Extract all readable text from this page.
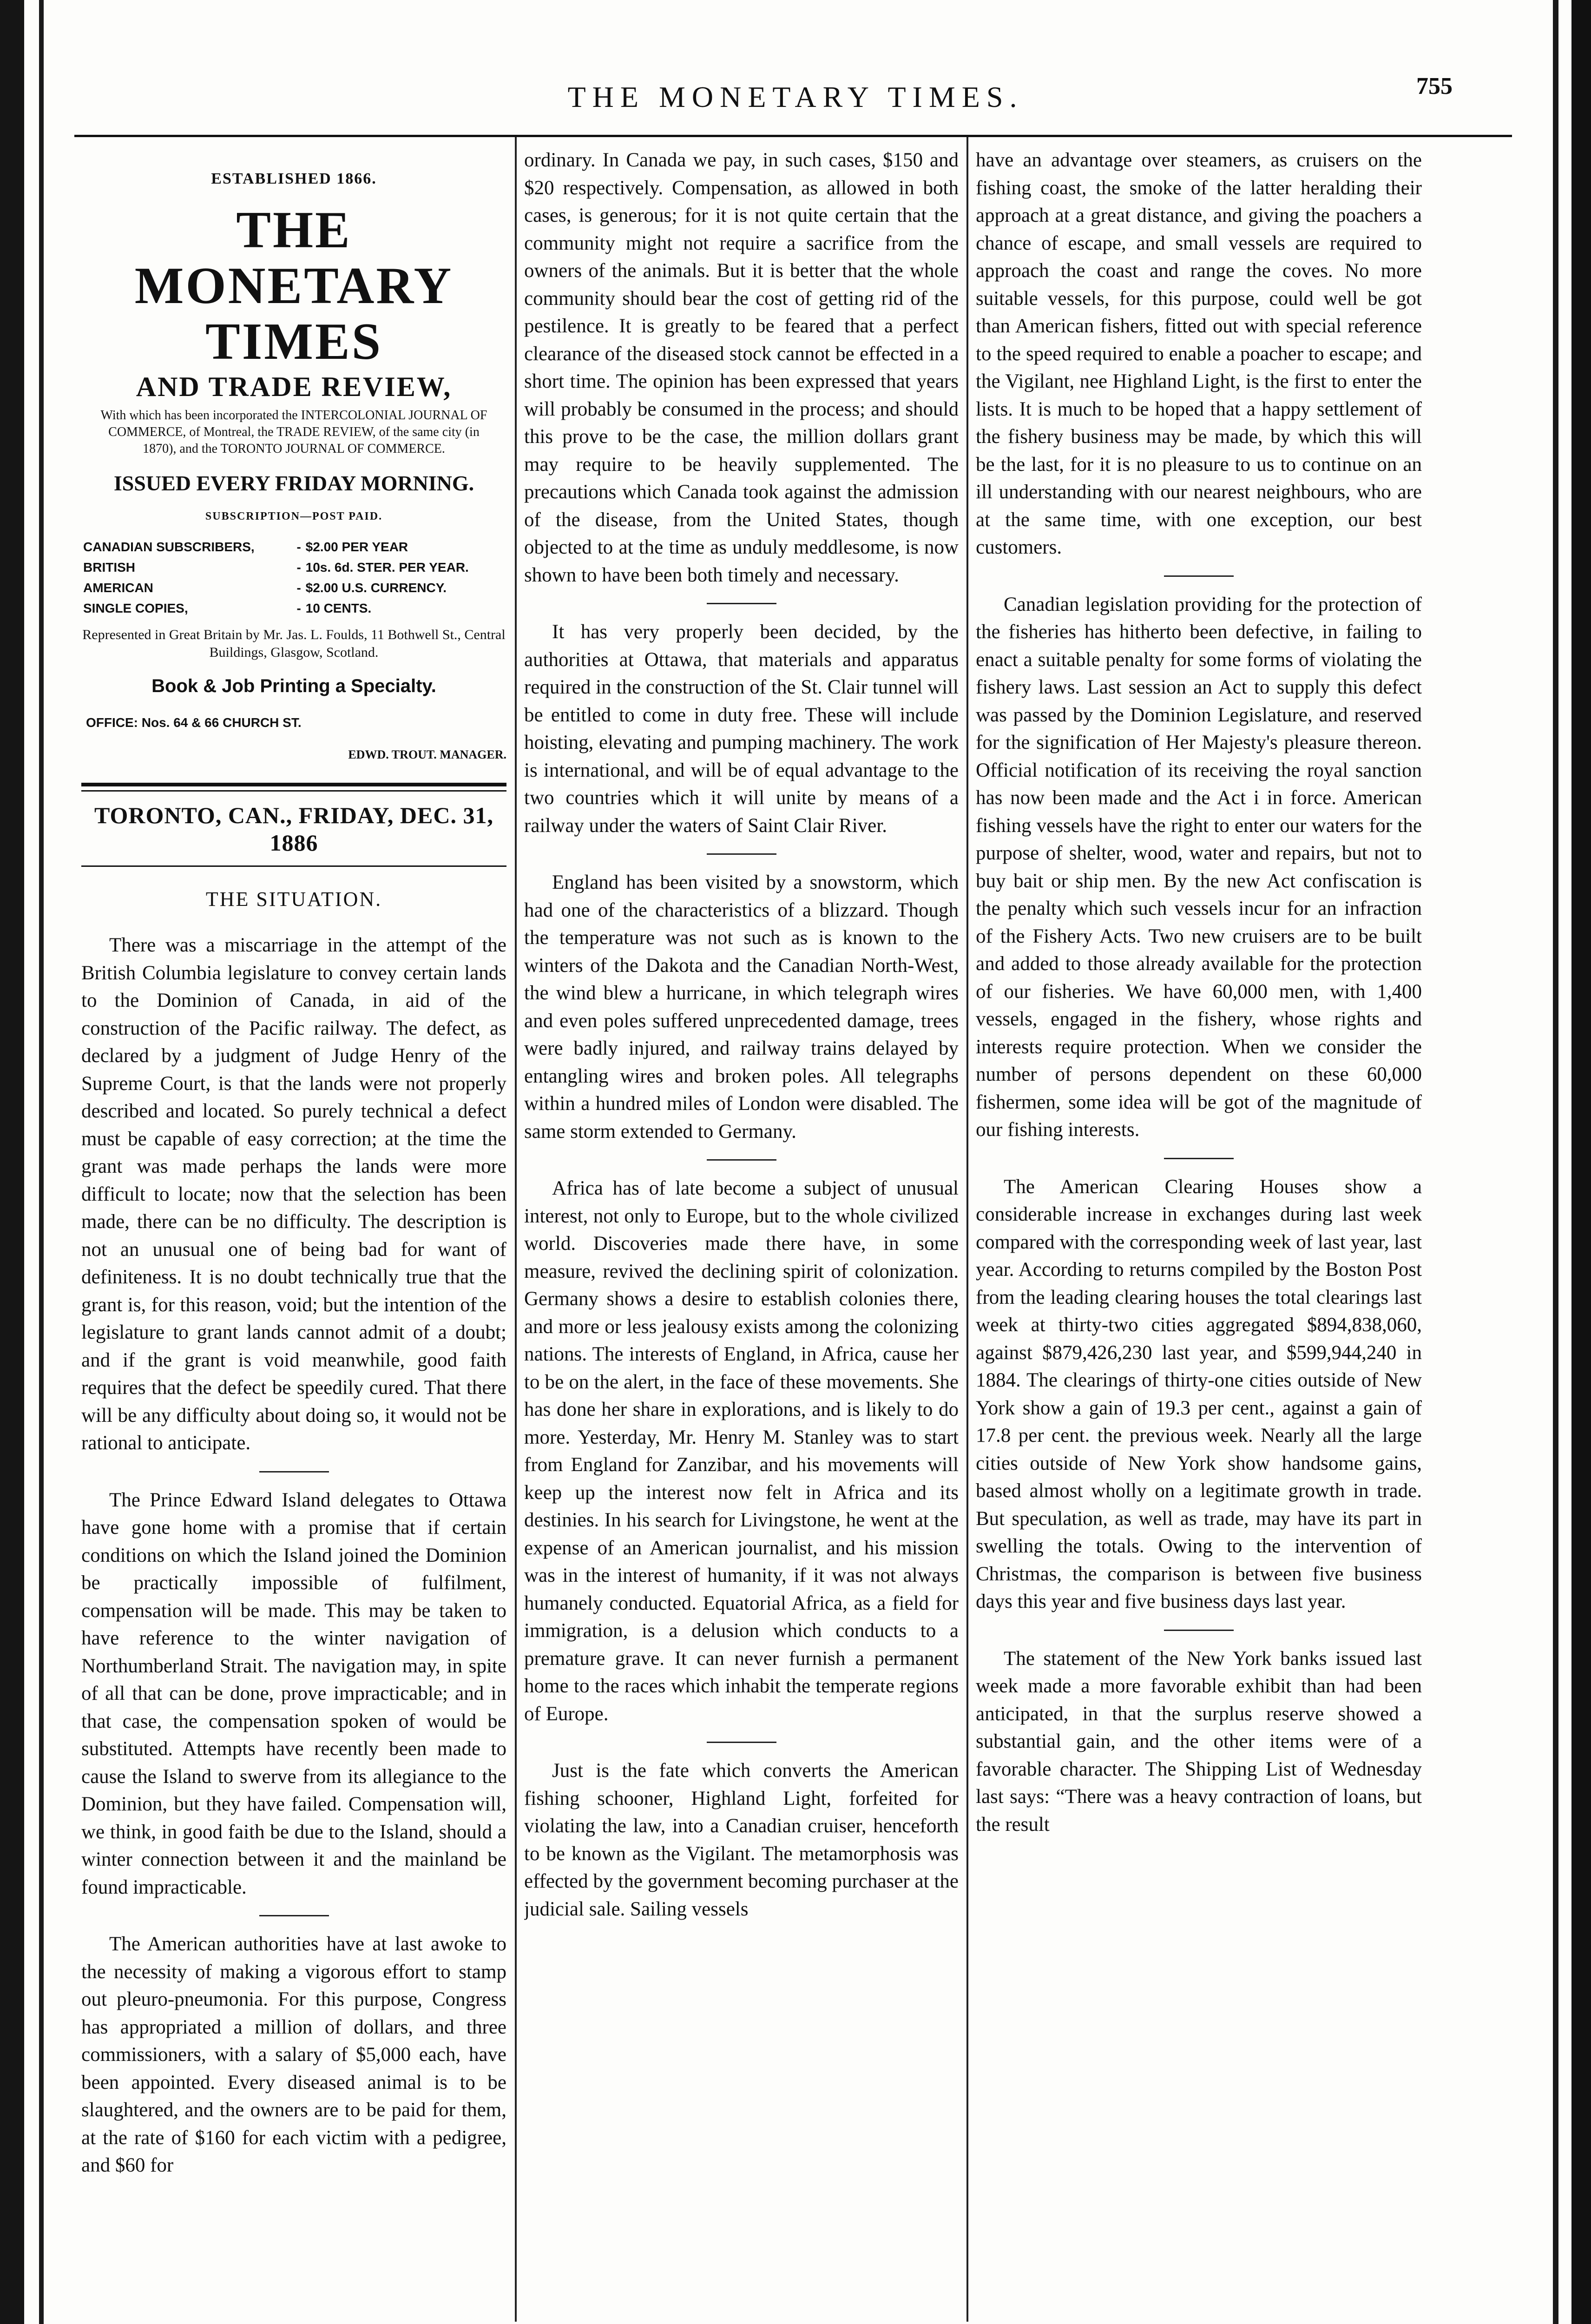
THE MONETARY TIMES.	755
ESTABLISHED 1866.
THE MONETARY TIMES
AND TRADE REVIEW,
With which has been incorporated the INTERCOLONIAL JOURNAL OF COMMERCE, of Montreal, the TRADE REVIEW, of the same city (in 1870), and the TORONTO JOURNAL OF COMMERCE.
ISSUED EVERY FRIDAY MORNING.
SUBSCRIPTION—POST PAID.
CANADIAN SUBSCRIBERS,	-	$2.00 PER YEAR
BRITISH	-	10s. 6d. STER. PER YEAR.
AMERICAN	-	$2.00 U.S. CURRENCY.
SINGLE COPIES,	-	10 CENTS.
Represented in Great Britain by Mr. Jas. L. Foulds, 11 Bothwell St., Central Buildings, Glasgow, Scotland.
Book & Job Printing a Specialty.
OFFICE: Nos. 64 & 66 CHURCH ST.
EDWD. TROUT. MANAGER.
TORONTO, CAN., FRIDAY, DEC. 31, 1886
THE SITUATION.

There was a miscarriage in the attempt of the British Columbia legislature to convey certain lands to the Dominion of Canada, in aid of the construction of the Pacific railway. The defect, as declared by a judgment of Judge Henry of the Supreme Court, is that the lands were not properly described and located. So purely technical a defect must be capable of easy correction; at the time the grant was made perhaps the lands were more difficult to locate; now that the selection has been made, there can be no difficulty. The description is not an unusual one of being bad for want of definiteness. It is no doubt technically true that the grant is, for this reason, void; but the intention of the legislature to grant lands cannot admit of a doubt; and if the grant is void meanwhile, good faith requires that the defect be speedily cured. That there will be any difficulty about doing so, it would not be rational to anticipate.

The Prince Edward Island delegates to Ottawa have gone home with a promise that if certain conditions on which the Island joined the Dominion be practically impossible of fulfilment, compensation will be made. This may be taken to have reference to the winter navigation of Northumberland Strait. The navigation may, in spite of all that can be done, prove impracticable; and in that case, the compensation spoken of would be substituted. Attempts have recently been made to cause the Island to swerve from its allegiance to the Dominion, but they have failed. Compensation will, we think, in good faith be due to the Island, should a winter connection between it and the mainland be found impracticable.

The American authorities have at last awoke to the necessity of making a vigorous effort to stamp out pleuro-pneumonia. For this purpose, Congress has appropriated a million of dollars, and three commissioners, with a salary of $5,000 each, have been appointed. Every diseased animal is to be slaughtered, and the owners are to be paid for them, at the rate of $160 for each victim with a pedigree, and $60 for

ordinary. In Canada we pay, in such cases, $150 and $20 respectively. Compensation, as allowed in both cases, is generous; for it is not quite certain that the community might not require a sacrifice from the owners of the animals. But it is better that the whole community should bear the cost of getting rid of the pestilence. It is greatly to be feared that a perfect clearance of the diseased stock cannot be effected in a short time. The opinion has been expressed that years will probably be consumed in the process; and should this prove to be the case, the million dollars grant may require to be heavily supplemented. The precautions which Canada took against the admission of the disease, from the United States, though objected to at the time as unduly meddlesome, is now shown to have been both timely and necessary.

It has very properly been decided, by the authorities at Ottawa, that materials and apparatus required in the construction of the St. Clair tunnel will be entitled to come in duty free. These will include hoisting, elevating and pumping machinery. The work is international, and will be of equal advantage to the two countries which it will unite by means of a railway under the waters of Saint Clair River.

England has been visited by a snowstorm, which had one of the characteristics of a blizzard. Though the temperature was not such as is known to the winters of the Dakota and the Canadian North-West, the wind blew a hurricane, in which telegraph wires and even poles suffered unprecedented damage, trees were badly injured, and railway trains delayed by entangling wires and broken poles. All telegraphs within a hundred miles of London were disabled. The same storm extended to Germany.

Africa has of late become a subject of unusual interest, not only to Europe, but to the whole civilized world. Discoveries made there have, in some measure, revived the declining spirit of colonization. Germany shows a desire to establish colonies there, and more or less jealousy exists among the colonizing nations. The interests of England, in Africa, cause her to be on the alert, in the face of these movements. She has done her share in explorations, and is likely to do more. Yesterday, Mr. Henry M. Stanley was to start from England for Zanzibar, and his movements will keep up the interest now felt in Africa and its destinies. In his search for Livingstone, he went at the expense of an American journalist, and his mission was in the interest of humanity, if it was not always humanely conducted. Equatorial Africa, as a field for immigration, is a delusion which conducts to a premature grave. It can never furnish a permanent home to the races which inhabit the temperate regions of Europe.

Just is the fate which converts the American fishing schooner, Highland Light, forfeited for violating the law, into a Canadian cruiser, henceforth to be known as the Vigilant. The metamorphosis was effected by the government becoming purchaser at the judicial sale. Sailing vessels

have an advantage over steamers, as cruisers on the fishing coast, the smoke of the latter heralding their approach at a great distance, and giving the poachers a chance of escape, and small vessels are required to approach the coast and range the coves. No more suitable vessels, for this purpose, could well be got than American fishers, fitted out with special reference to the speed required to enable a poacher to escape; and the Vigilant, nee Highland Light, is the first to enter the lists. It is much to be hoped that a happy settlement of the fishery business may be made, by which this will be the last, for it is no pleasure to us to continue on an ill understanding with our nearest neighbours, who are at the same time, with one exception, our best customers.

Canadian legislation providing for the protection of the fisheries has hitherto been defective, in failing to enact a suitable penalty for some forms of violating the fishery laws. Last session an Act to supply this defect was passed by the Dominion Legislature, and reserved for the signification of Her Majesty's pleasure thereon. Official notification of its receiving the royal sanction has now been made and the Act i in force. American fishing vessels have the right to enter our waters for the purpose of shelter, wood, water and repairs, but not to buy bait or ship men. By the new Act confiscation is the penalty which such vessels incur for an infraction of the Fishery Acts. Two new cruisers are to be built and added to those already available for the protection of our fisheries. We have 60,000 men, with 1,400 vessels, engaged in the fishery, whose rights and interests require protection. When we consider the number of persons dependent on these 60,000 fishermen, some idea will be got of the magnitude of our fishing interests.

The American Clearing Houses show a considerable increase in exchanges during last week compared with the corresponding week of last year, last year. According to returns compiled by the Boston Post from the leading clearing houses the total clearings last week at thirty-two cities aggregated $894,838,060, against $879,426,230 last year, and $599,944,240 in 1884. The clearings of thirty-one cities outside of New York show a gain of 19.3 per cent., against a gain of 17.8 per cent. the previous week. Nearly all the large cities outside of New York show handsome gains, based almost wholly on a legitimate growth in trade. But speculation, as well as trade, may have its part in swelling the totals. Owing to the intervention of Christmas, the comparison is between five business days this year and five business days last year.

The statement of the New York banks issued last week made a more favorable exhibit than had been anticipated, in that the surplus reserve showed a substantial gain, and the other items were of a favorable character. The Shipping List of Wednesday last says: “There was a heavy contraction of loans, but the result
